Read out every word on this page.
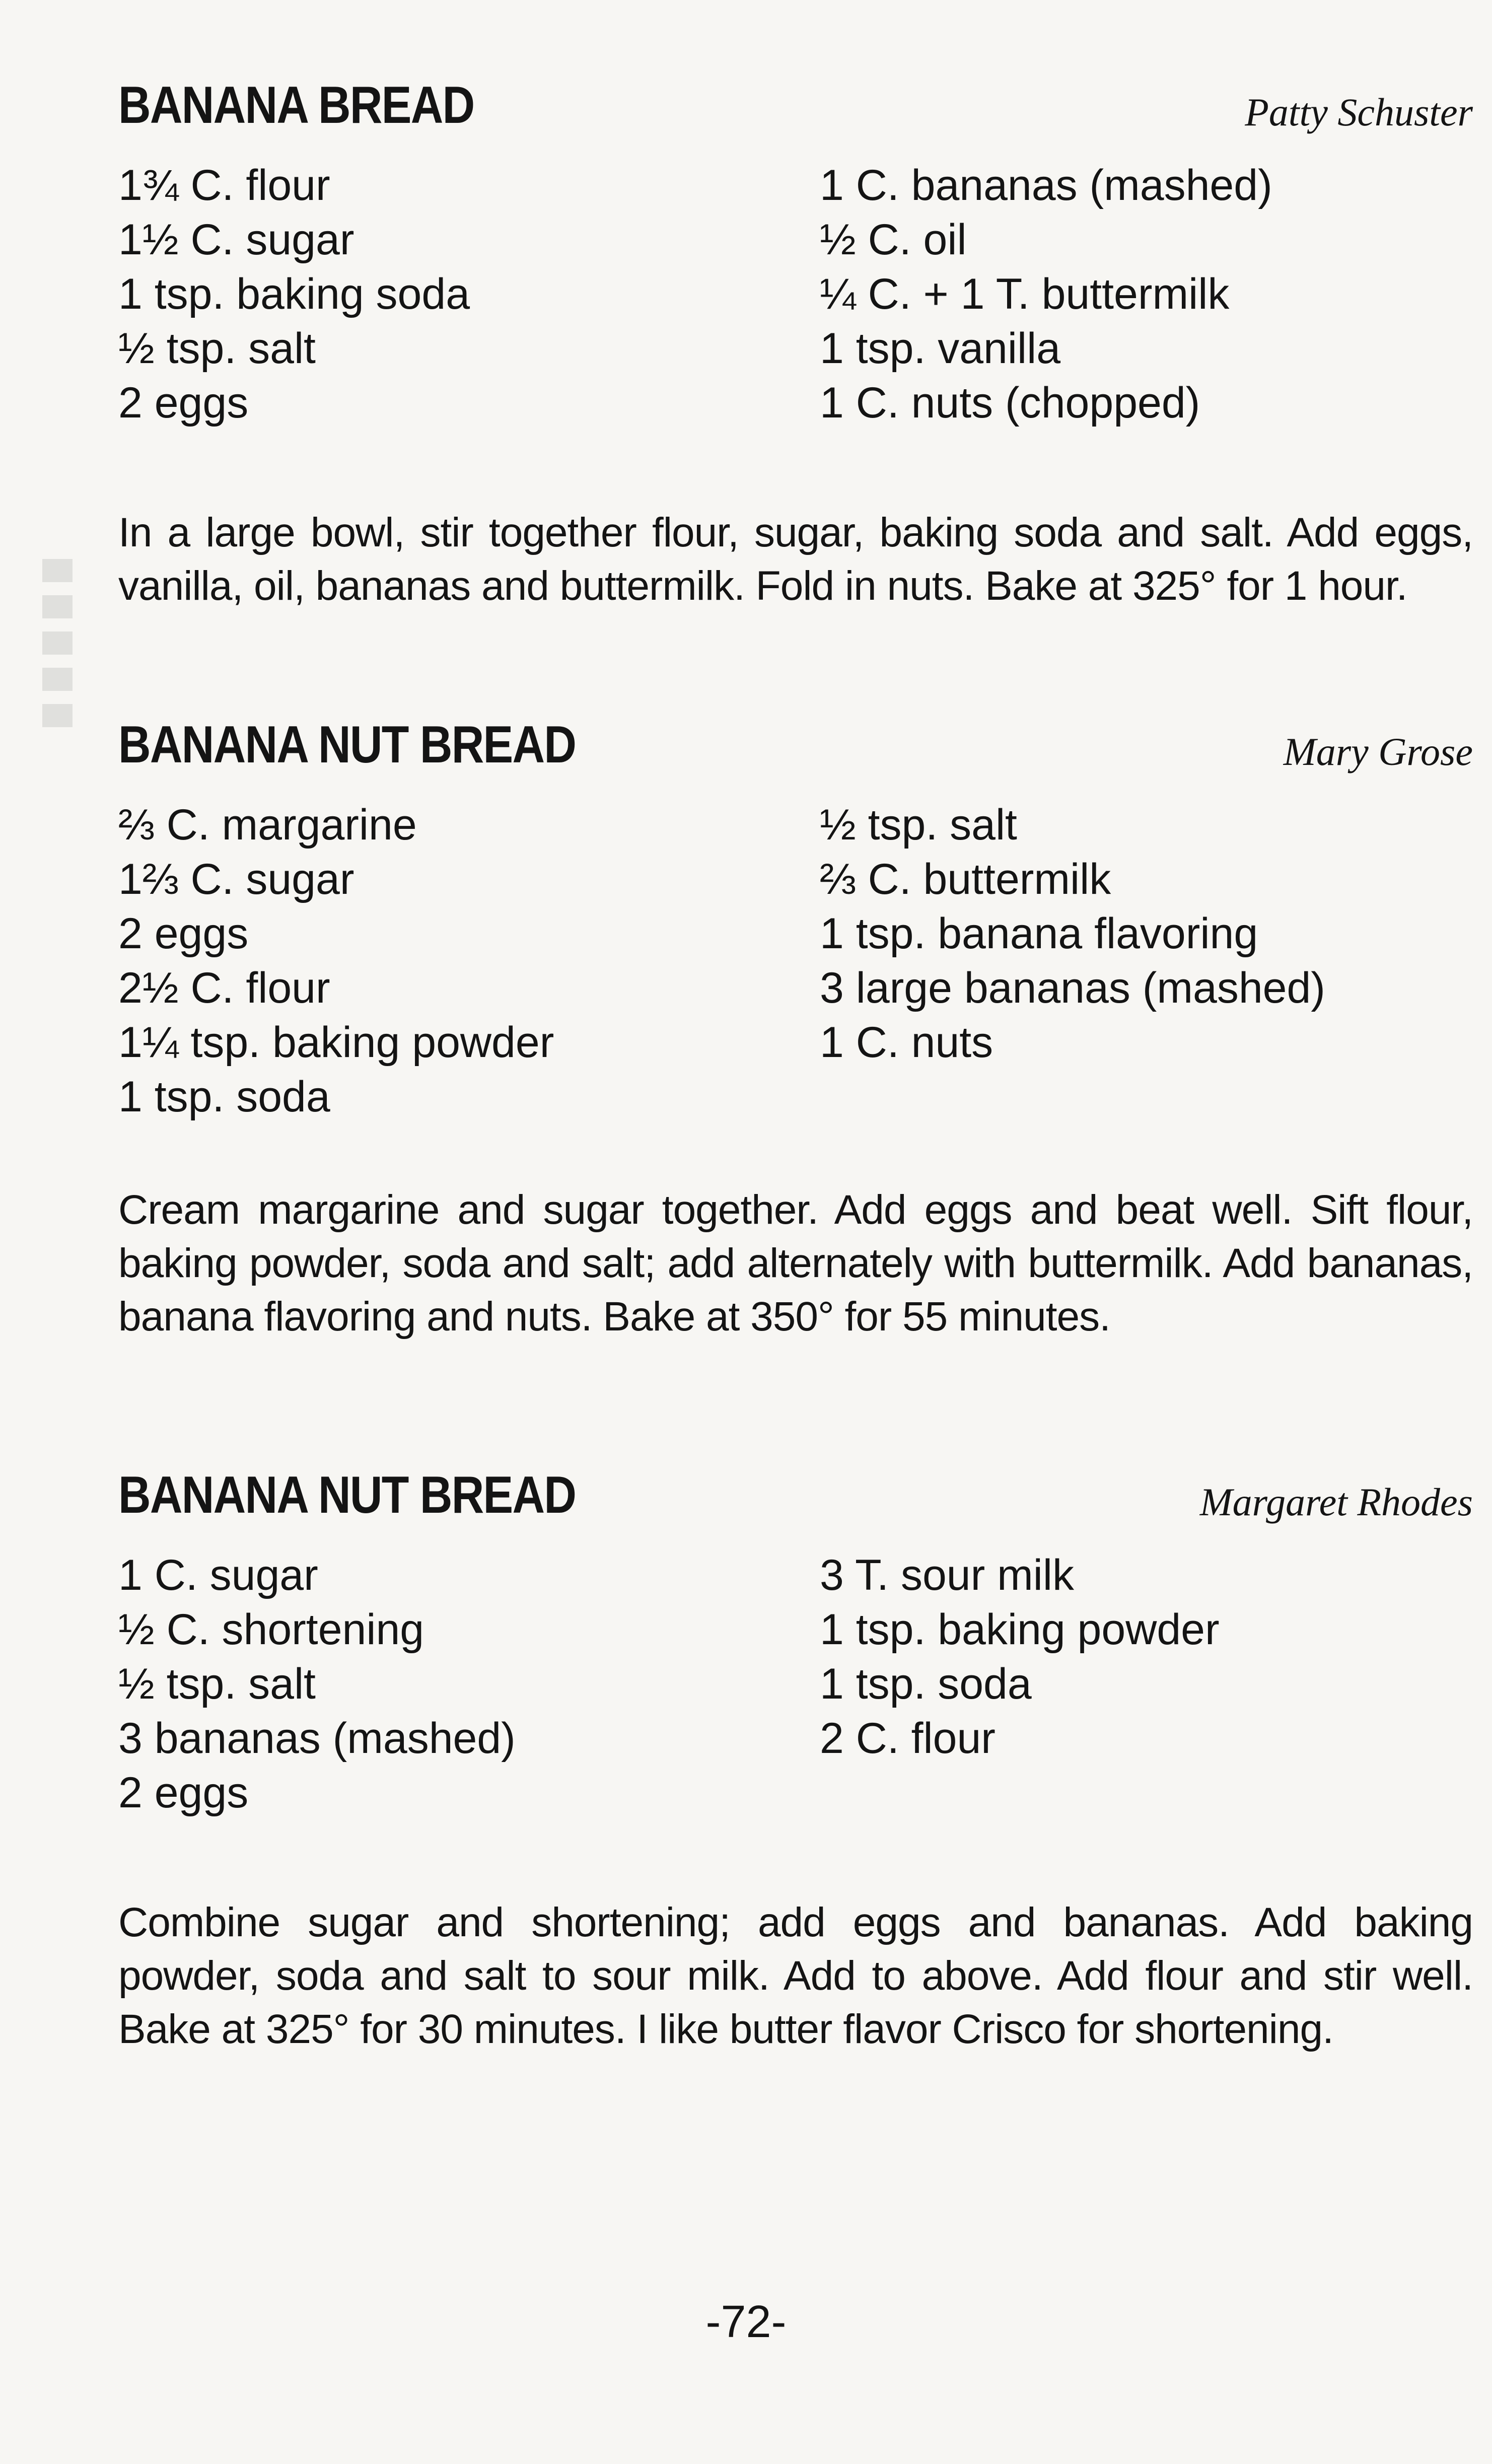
BANANA BREAD	Patty Schuster
1¾ C. flour
1½ C. sugar
1 tsp. baking soda
½ tsp. salt
2 eggs
1 C. bananas (mashed)
½ C. oil
¼ C. + 1 T. buttermilk
1 tsp. vanilla
1 C. nuts (chopped)
In a large bowl, stir together flour, sugar, baking soda and salt. Add eggs, vanilla, oil, bananas and buttermilk. Fold in nuts. Bake at 325° for 1 hour.
BANANA NUT BREAD	Mary Grose
⅔ C. margarine
1⅔ C. sugar
2 eggs
2½ C. flour
1¼ tsp. baking powder
1 tsp. soda
½ tsp. salt
⅔ C. buttermilk
1 tsp. banana flavoring
3 large bananas (mashed)
1 C. nuts
Cream margarine and sugar together. Add eggs and beat well. Sift flour, baking powder, soda and salt; add alternately with buttermilk. Add bananas, banana flavoring and nuts. Bake at 350° for 55 minutes.
BANANA NUT BREAD	Margaret Rhodes
1 C. sugar
½ C. shortening
½ tsp. salt
3 bananas (mashed)
2 eggs
3 T. sour milk
1 tsp. baking powder
1 tsp. soda
2 C. flour
Combine sugar and shortening; add eggs and bananas. Add baking powder, soda and salt to sour milk. Add to above. Add flour and stir well. Bake at 325° for 30 minutes. I like butter flavor Crisco for shortening.
-72-
